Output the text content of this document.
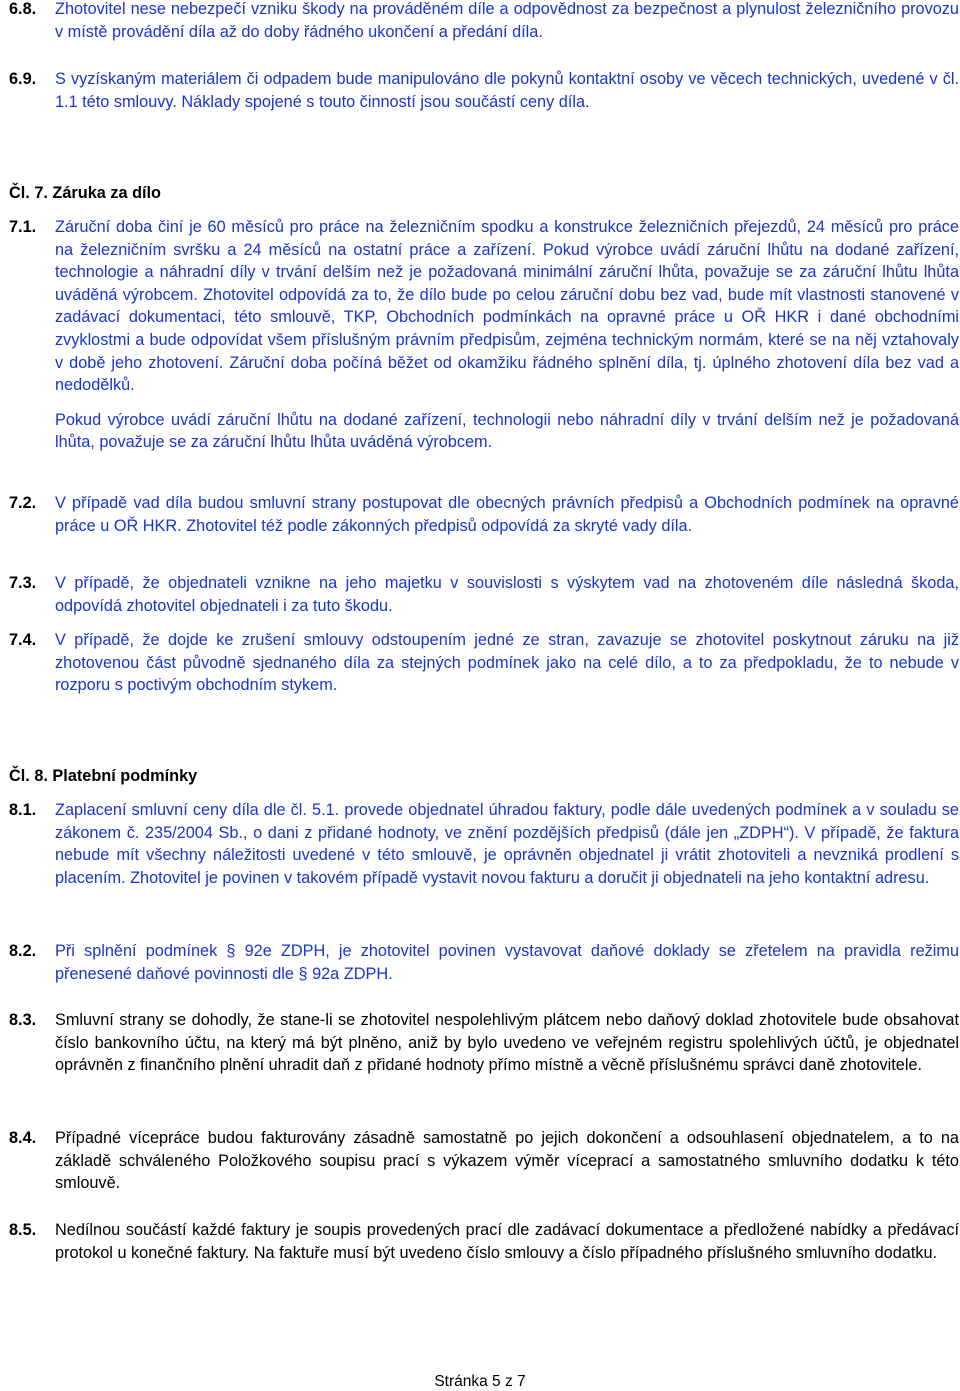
6.8. Zhotovitel nese nebezpečí vzniku škody na prováděném díle a odpovědnost za bezpečnost a plynulost železničního provozu v místě provádění díla až do doby řádného ukončení a předání díla.

6.9. S vyzískaným materiálem či odpadem bude manipulováno dle pokynů kontaktní osoby ve věcech technických, uvedené v čl. 1.1 této smlouvy. Náklady spojené s touto činností jsou součástí ceny díla.

Čl. 7. Záruka za dílo
7.1. Záruční doba činí je 60 měsíců pro práce na železničním spodku a konstrukce železničních přejezdů, 24 měsíců pro práce na železničním svršku a 24 měsíců na ostatní práce a zařízení. Pokud výrobce uvádí záruční lhůtu na dodané zařízení, technologie a náhradní díly v trvání delším než je požadovaná minimální záruční lhůta, považuje se za záruční lhůtu lhůta uváděná výrobcem. Zhotovitel odpovídá za to, že dílo bude po celou záruční dobu bez vad, bude mít vlastnosti stanovené v zadávací dokumentaci, této smlouvě, TKP, Obchodních podmínkách na opravné práce u OŘ HKR i dané obchodními zvyklostmi a bude odpovídat všem příslušným právním předpisům, zejména technickým normám, které se na něj vztahovaly v době jeho zhotovení. Záruční doba počíná běžet od okamžiku řádného splnění díla, tj. úplného zhotovení díla bez vad a nedodělků.

Pokud výrobce uvádí záruční lhůtu na dodané zařízení, technologii nebo náhradní díly v trvání delším než je požadovaná lhůta, považuje se za záruční lhůtu lhůta uváděná výrobcem.

7.2. V případě vad díla budou smluvní strany postupovat dle obecných právních předpisů a Obchodních podmínek na opravné práce u OŘ HKR. Zhotovitel též podle zákonných předpisů odpovídá za skryté vady díla.

7.3. V případě, že objednateli vznikne na jeho majetku v souvislosti s výskytem vad na zhotoveném díle následná škoda, odpovídá zhotovitel objednateli i za tuto škodu.

7.4. V případě, že dojde ke zrušení smlouvy odstoupením jedné ze stran, zavazuje se zhotovitel poskytnout záruku na již zhotovenou část původně sjednaného díla za stejných podmínek jako na celé dílo, a to za předpokladu, že to nebude v rozporu s poctivým obchodním stykem.

Čl. 8. Platební podmínky
8.1. Zaplacení smluvní ceny díla dle čl. 5.1. provede objednatel úhradou faktury, podle dále uvedených podmínek a v souladu se zákonem č. 235/2004 Sb., o dani z přidané hodnoty, ve znění pozdějších předpisů (dále jen „ZDPH“). V případě, že faktura nebude mít všechny náležitosti uvedené v této smlouvě, je oprávněn objednatel ji vrátit zhotoviteli a nevzniká prodlení s placením. Zhotovitel je povinen v takovém případě vystavit novou fakturu a doručit ji objednateli na jeho kontaktní adresu.

8.2. Při splnění podmínek § 92e ZDPH, je zhotovitel povinen vystavovat daňové doklady se zřetelem na pravidla režimu přenesené daňové povinnosti dle § 92a ZDPH.

8.3. Smluvní strany se dohodly, že stane-li se zhotovitel nespolehlivým plátcem nebo daňový doklad zhotovitele bude obsahovat číslo bankovního účtu, na který má být plněno, aniž by bylo uvedeno ve veřejném registru spolehlivých účtů, je objednatel oprávněn z finančního plnění uhradit daň z přidané hodnoty přímo místně a věcně příslušnému správci daně zhotovitele.

8.4. Případné vícepráce budou fakturovány zásadně samostatně po jejich dokončení a odsouhlasení objednatelem, a to na základě schváleného Položkového soupisu prací s výkazem výměr víceprací a samostatného smluvního dodatku k této smlouvě.

8.5. Nedílnou součástí každé faktury je soupis provedených prací dle zadávací dokumentace a předložené nabídky a předávací protokol u konečné faktury. Na faktuře musí být uvedeno číslo smlouvy a číslo případného příslušného smluvního dodatku.

Stránka 5 z 7
